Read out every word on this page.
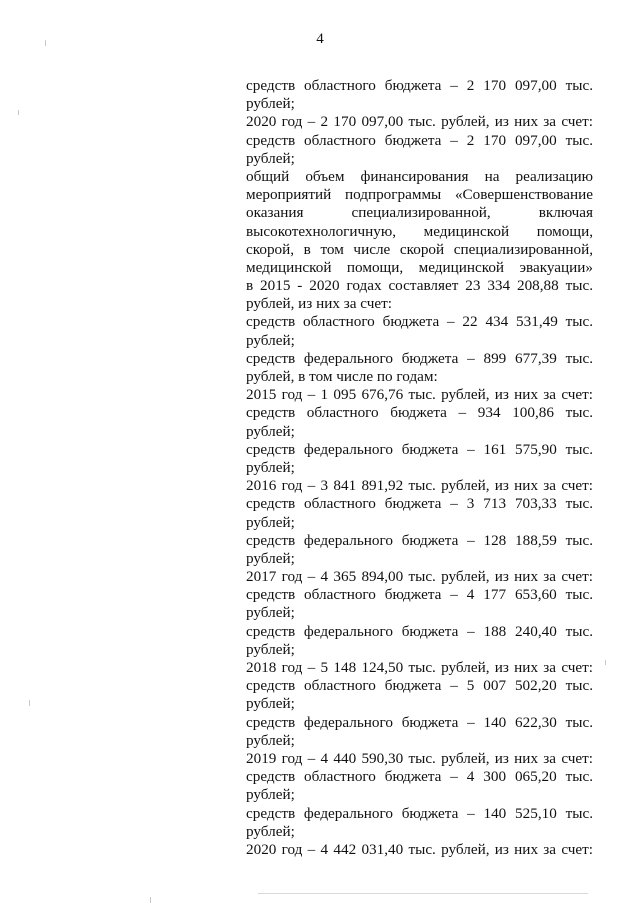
4
средств областного бюджета – 2 170 097,00 тыс.
рублей;
2020 год – 2 170 097,00 тыс. рублей, из них за счет:
средств областного бюджета – 2 170 097,00 тыс.
рублей;
общий объем финансирования на реализацию
мероприятий подпрограммы «Совершенствование
оказания специализированной, включая
высокотехнологичную, медицинской помощи,
скорой, в том числе скорой специализированной,
медицинской помощи, медицинской эвакуации»
в 2015 - 2020 годах составляет 23 334 208,88 тыс.
рублей, из них за счет:
средств областного бюджета – 22 434 531,49 тыс.
рублей;
средств федерального бюджета – 899 677,39 тыс.
рублей, в том числе по годам:
2015 год – 1 095 676,76 тыс. рублей, из них за счет:
средств областного бюджета – 934 100,86 тыс.
рублей;
средств федерального бюджета – 161 575,90 тыс.
рублей;
2016 год – 3 841 891,92 тыс. рублей, из них за счет:
средств областного бюджета – 3 713 703,33 тыс.
рублей;
средств федерального бюджета – 128 188,59 тыс.
рублей;
2017 год – 4 365 894,00 тыс. рублей, из них за счет:
средств областного бюджета – 4 177 653,60 тыс.
рублей;
средств федерального бюджета – 188 240,40 тыс.
рублей;
2018 год – 5 148 124,50 тыс. рублей, из них за счет:
средств областного бюджета – 5 007 502,20 тыс.
рублей;
средств федерального бюджета – 140 622,30 тыс.
рублей;
2019 год – 4 440 590,30 тыс. рублей, из них за счет:
средств областного бюджета – 4 300 065,20 тыс.
рублей;
средств федерального бюджета – 140 525,10 тыс.
рублей;
2020 год – 4 442 031,40 тыс. рублей, из них за счет:
